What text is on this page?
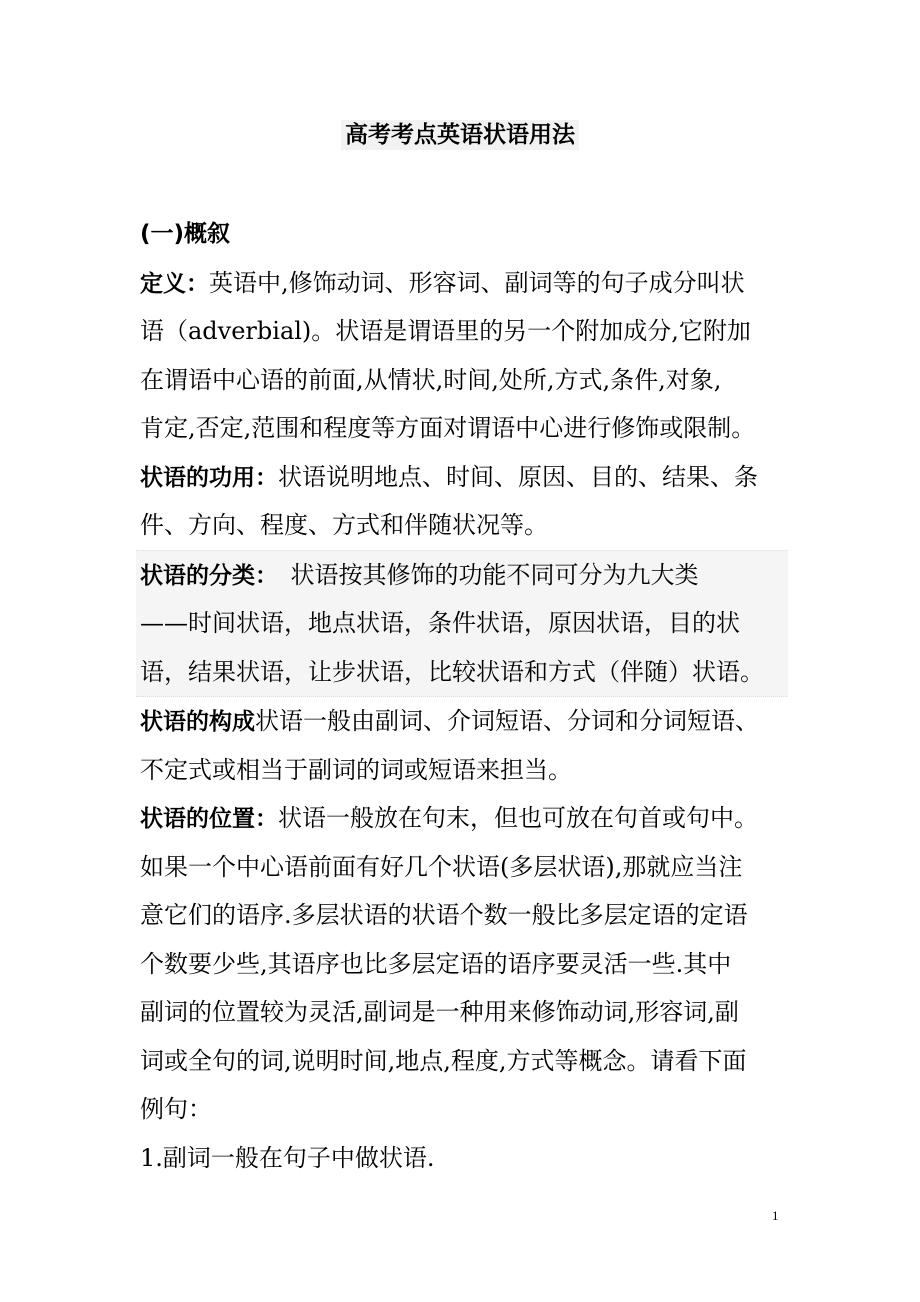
高考考点英语状语用法
(一)概叙
定义：英语中,修饰动词、形容词、副词等的句子成分叫状
语（adverbial)。状语是谓语里的另一个附加成分,它附加
在谓语中心语的前面,从情状,时间,处所,方式,条件,对象,
肯定,否定,范围和程度等方面对谓语中心进行修饰或限制。
状语的功用：状语说明地点、时间、原因、目的、结果、条
件、方向、程度、方式和伴随状况等。
状语的分类：　状语按其修饰的功能不同可分为九大类
——时间状语，地点状语，条件状语，原因状语，目的状
语，结果状语，让步状语，比较状语和方式（伴随）状语。
状语的构成状语一般由副词、介词短语、分词和分词短语、
不定式或相当于副词的词或短语来担当。
状语的位置：状语一般放在句末，但也可放在句首或句中。
如果一个中心语前面有好几个状语(多层状语),那就应当注
意它们的语序.多层状语的状语个数一般比多层定语的定语
个数要少些,其语序也比多层定语的语序要灵活一些.其中
副词的位置较为灵活,副词是一种用来修饰动词,形容词,副
词或全句的词,说明时间,地点,程度,方式等概念。请看下面
例句：
1.副词一般在句子中做状语.
1
